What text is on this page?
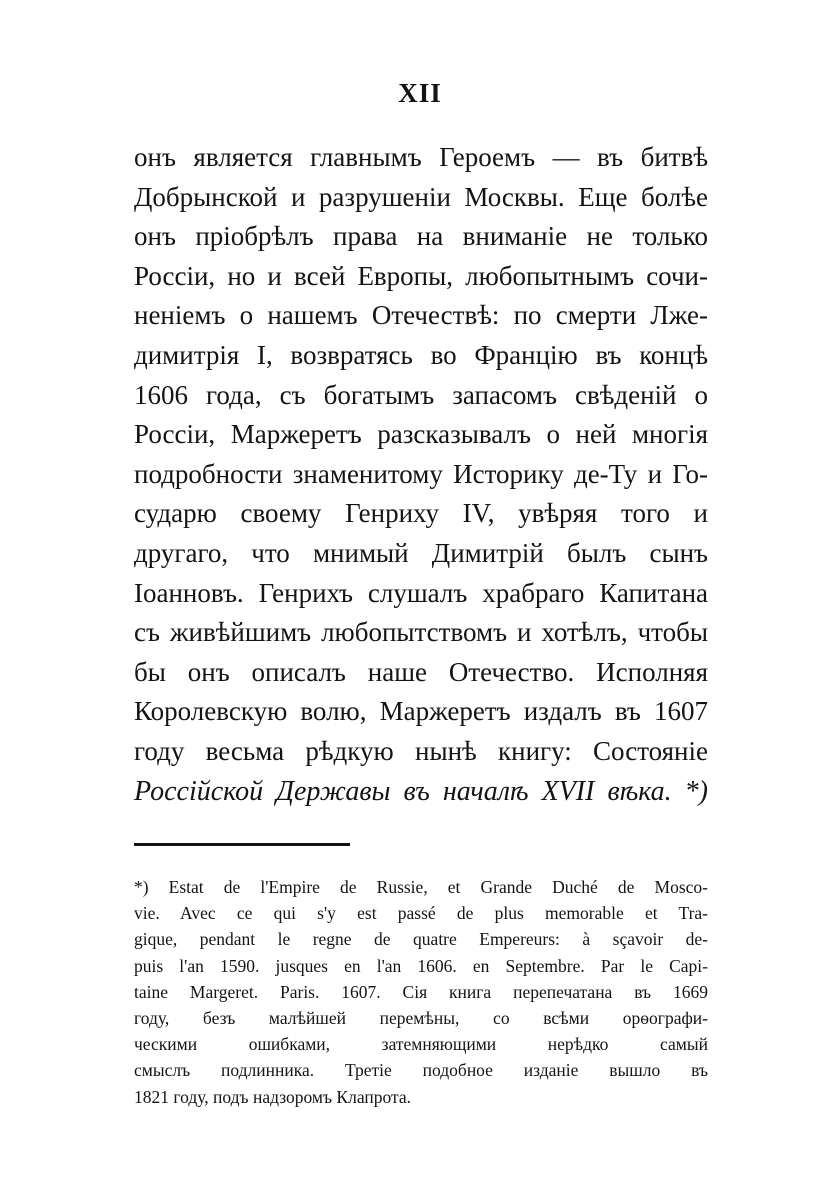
XII
онъ является главнымъ Героемъ — въ битвѣ
Добрынской и разрушеніи Москвы. Еще болѣе
онъ пріобрѣлъ права на вниманіе не только
Россіи, но и всей Европы, любопытнымъ сочи-
неніемъ о нашемъ Отечествѣ: по смерти Лже-
димитрія I, возвратясь во Францію въ концѣ
1606 года, съ богатымъ запасомъ свѣденій о
Россіи, Маржеретъ разсказывалъ о ней многія
подробности знаменитому Историку де-Ту и Го-
сударю своему Генриху IV, увѣряя того и
другаго, что мнимый Димитрій былъ сынъ
Іоанновъ. Генрихъ слушалъ храбраго Капитана
съ живѣйшимъ любопытствомъ и хотѣлъ, чтобы
бы онъ описалъ наше Отечество. Исполняя
Королевскую волю, Маржеретъ издалъ въ 1607
году весьма рѣдкую нынѣ книгу: Состояніе
Россійской Державы въ началѣ XVII вѣка. *)
*) Estat de l'Empire de Russie, et Grande Duché de Mosco-
vie. Avec ce qui s'y est passé de plus memorable et Tra-
gique, pendant le regne de quatre Empereurs: à sçavoir de-
puis l'an 1590. jusques en l'an 1606. en Septembre. Par le Capi-
taine Margeret. Paris. 1607. Сія книга перепечатана въ 1669
году, безъ малѣйшей перемѣны, со всѣми орѳографи-
ческими ошибками, затемняющими нерѣдко самый
смыслъ подлинника. Третіе подобное изданіе вышло въ
1821 году, подъ надзоромъ Клапрота.
